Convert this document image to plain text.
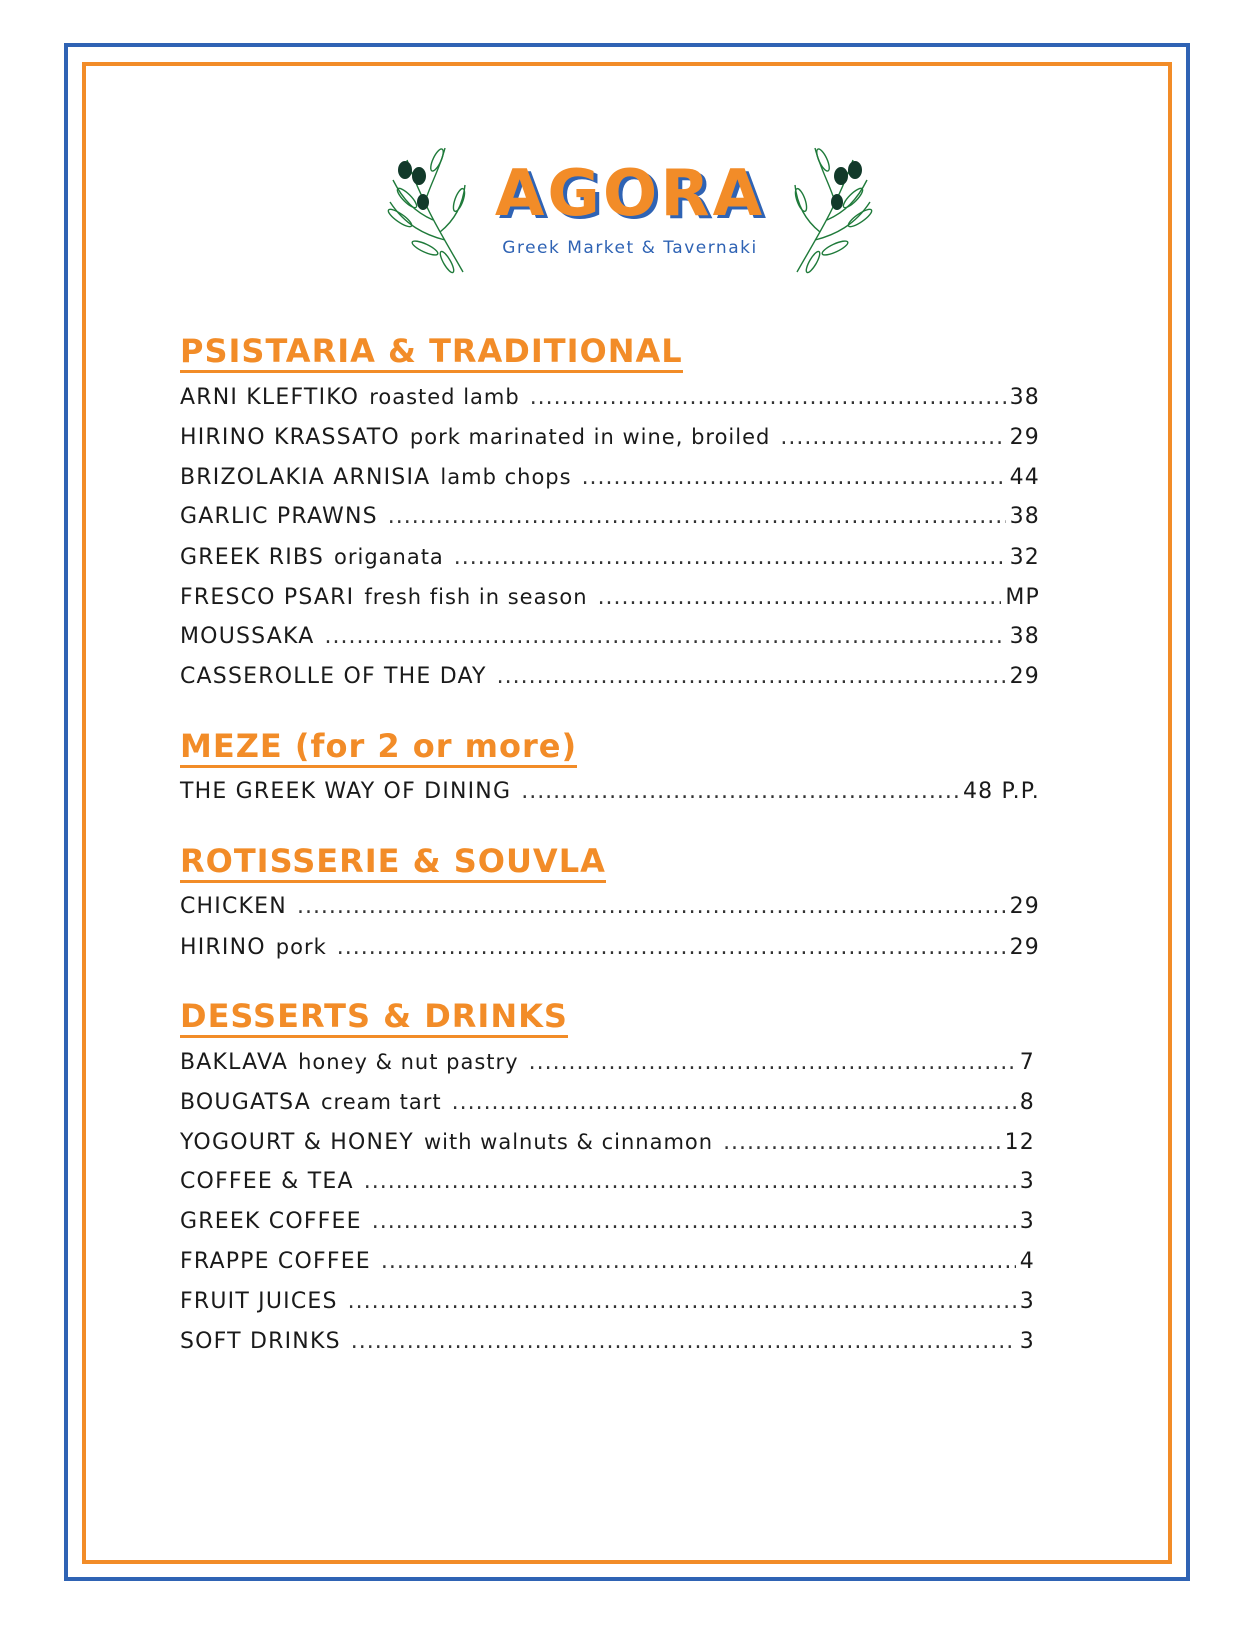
AGORA
Greek Market & Tavernaki
PSISTARIA & TRADITIONAL
ARNI KLEFTIKO roasted lamb .....	38
HIRINO KRASSATO pork marinated in wine, broiled .....	29
BRIZOLAKIA ARNISIA lamb chops .....	44
GARLIC PRAWNS .....	38
GREEK RIBS origanata .....	32
FRESCO PSARI fresh fish in season .....	MP
MOUSSAKA .....	38
CASSEROLLE OF THE DAY .....	29
MEZE (for 2 or more)
THE GREEK WAY OF DINING .....	48 P.P.
ROTISSERIE & SOUVLA
CHICKEN .....	29
HIRINO pork .....	29
DESSERTS & DRINKS
BAKLAVA honey & nut pastry .....	7
BOUGATSA cream tart .....	8
YOGOURT & HONEY with walnuts & cinnamon .....	12
COFFEE & TEA .....	3
GREEK COFFEE .....	3
FRAPPE COFFEE .....	4
FRUIT JUICES .....	3
SOFT DRINKS .....	3
